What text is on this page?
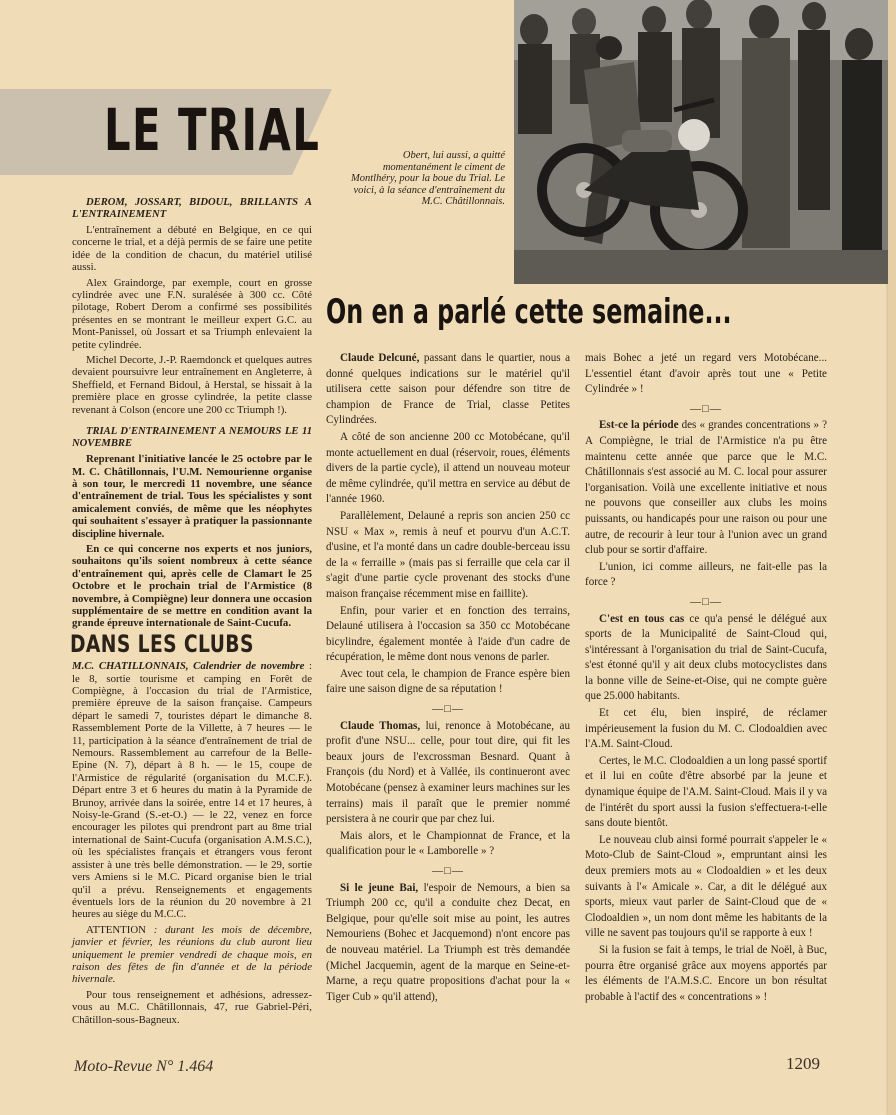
LE TRIAL	Obert, lui aussi, a quitté momentanément le ciment de Montlhéry, pour la boue du Trial. Le voici, à la séance d'entraînement du M.C. Châtillonnais.
On en a parlé cette semaine...

DEROM, JOSSART, BIDOUL, BRILLANTS A L'ENTRAINEMENT

L'entraînement a débuté en Belgique, en ce qui concerne le trial, et a déjà permis de se faire une petite idée de la condition de chacun, du matériel utilisé aussi.

Alex Graindorge, par exemple, court en grosse cylindrée avec une F.N. suralésée à 300 cc. Côté pilotage, Robert Derom a confirmé ses possibilités présentes en se montrant le meilleur expert G.C. au Mont-Panissel, où Jossart et sa Triumph enlevaient la petite cylindrée.

Michel Decorte, J.-P. Raemdonck et quelques autres devaient poursuivre leur entraînement en Angleterre, à Sheffield, et Fernand Bidoul, à Herstal, se hissait à la première place en grosse cylindrée, la petite classe revenant à Colson (encore une 200 cc Triumph !).

TRIAL D'ENTRAINEMENT A NEMOURS LE 11 NOVEMBRE

Reprenant l'initiative lancée le 25 octobre par le M. C. Châtillonnais, l'U.M. Nemourienne organise à son tour, le mercredi 11 novembre, une séance d'entraînement de trial. Tous les spécialistes y sont amicalement conviés, de même que les néophytes qui souhaitent s'essayer à pratiquer la passionnante discipline hivernale.

En ce qui concerne nos experts et nos juniors, souhaitons qu'ils soient nombreux à cette séance d'entraînement qui, après celle de Clamart le 25 Octobre et le prochain trial de l'Armistice (8 novembre, à Compiègne) leur donnera une occasion supplémentaire de se mettre en condition avant la grande épreuve internationale de Saint-Cucufa.

DANS LES CLUBS

M.C. CHATILLONNAIS, Calendrier de novembre : le 8, sortie tourisme et camping en Forêt de Compiègne, à l'occasion du trial de l'Armistice, première épreuve de la saison française. Campeurs départ le samedi 7, touristes départ le dimanche 8. Rassemblement Porte de la Villette, à 7 heures — le 11, participation à la séance d'entraînement de trial de Nemours. Rassemblement au carrefour de la Belle-Epine (N. 7), départ à 8 h. — le 15, coupe de l'Armistice de régularité (organisation du M.C.F.). Départ entre 3 et 6 heures du matin à la Pyramide de Brunoy, arrivée dans la soirée, entre 14 et 17 heures, à Noisy-le-Grand (S.-et-O.) — le 22, venez en force encourager les pilotes qui prendront part au 8me trial international de Saint-Cucufa (organisation A.M.S.C.), où les spécialistes français et étrangers vous feront assister à une très belle démonstration. — le 29, sortie vers Amiens si le M.C. Picard organise bien le trial qu'il a prévu. Renseignements et engagements éventuels lors de la réunion du 20 novembre à 21 heures au siège du M.C.C.

ATTENTION : durant les mois de décembre, janvier et février, les réunions du club auront lieu uniquement le premier vendredi de chaque mois, en raison des fêtes de fin d'année et de la période hivernale.

Pour tous renseignement et adhésions, adressez-vous au M.C. Châtillonnais, 47, rue Gabriel-Péri, Châtillon-sous-Bagneux.

Claude Delcuné, passant dans le quartier, nous a donné quelques indications sur le matériel qu'il utilisera cette saison pour défendre son titre de champion de France de Trial, classe Petites Cylindrées.

A côté de son ancienne 200 cc Motobécane, qu'il monte actuellement en dual (réservoir, roues, éléments divers de la partie cycle), il attend un nouveau moteur de même cylindrée, qu'il mettra en service au début de l'année 1960.

Parallèlement, Delauné a repris son ancien 250 cc NSU « Max », remis à neuf et pourvu d'un A.C.T. d'usine, et l'a monté dans un cadre double-berceau issu de la « ferraille » (mais pas si ferraille que cela car il s'agit d'une partie cycle provenant des stocks d'une maison française récemment mise en faillite).

Enfin, pour varier et en fonction des terrains, Delauné utilisera à l'occasion sa 350 cc Motobécane bicylindre, également montée à l'aide d'un cadre de récupération, le même dont nous venons de parler.

Avec tout cela, le champion de France espère bien faire une saison digne de sa réputation !

—□—

Claude Thomas, lui, renonce à Motobécane, au profit d'une NSU... celle, pour tout dire, qui fit les beaux jours de l'excrossman Besnard. Quant à François (du Nord) et à Vallée, ils continueront avec Motobécane (pensez à examiner leurs machines sur les terrains) mais il paraît que le premier nommé persistera à ne courir que par chez lui.

Mais alors, et le Championnat de France, et la qualification pour le « Lamborelle » ?

—□—

Si le jeune Bai, l'espoir de Nemours, a bien sa Triumph 200 cc, qu'il a conduite chez Decat, en Belgique, pour qu'elle soit mise au point, les autres Nemouriens (Bohec et Jacquemond) n'ont encore pas de nouveau matériel. La Triumph est très demandée (Michel Jacquemin, agent de la marque en Seine-et-Marne, a reçu quatre propositions d'achat pour la « Tiger Cub » qu'il attend),

mais Bohec a jeté un regard vers Motobécane... L'essentiel étant d'avoir après tout une « Petite Cylindrée » !

—□—

Est-ce la période des « grandes concentrations » ? A Compiègne, le trial de l'Armistice n'a pu être maintenu cette année que parce que le M.C. Châtillonnais s'est associé au M. C. local pour assurer l'organisation. Voilà une excellente initiative et nous ne pouvons que conseiller aux clubs les moins puissants, ou handicapés pour une raison ou pour une autre, de recourir à leur tour à l'union avec un grand club pour se sortir d'affaire.

L'union, ici comme ailleurs, ne fait-elle pas la force ?

—□—

C'est en tous cas ce qu'a pensé le délégué aux sports de la Municipalité de Saint-Cloud qui, s'intéressant à l'organisation du trial de Saint-Cucufa, s'est étonné qu'il y ait deux clubs motocyclistes dans la bonne ville de Seine-et-Oise, qui ne compte guère que 25.000 habitants.

Et cet élu, bien inspiré, de réclamer impérieusement la fusion du M. C. Clodoaldien avec l'A.M. Saint-Cloud.

Certes, le M.C. Clodoaldien a un long passé sportif et il lui en coûte d'être absorbé par la jeune et dynamique équipe de l'A.M. Saint-Cloud. Mais il y va de l'intérêt du sport aussi la fusion s'effectuera-t-elle sans doute bientôt.

Le nouveau club ainsi formé pourrait s'appeler le « Moto-Club de Saint-Cloud », empruntant ainsi les deux premiers mots au « Clodoaldien » et les deux suivants à l'« Amicale ». Car, a dit le délégué aux sports, mieux vaut parler de Saint-Cloud que de « Clodoaldien », un nom dont même les habitants de la ville ne savent pas toujours qu'il se rapporte à eux !

Si la fusion se fait à temps, le trial de Noël, à Buc, pourra être organisé grâce aux moyens apportés par les éléments de l'A.M.S.C. Encore un bon résultat probable à l'actif des « concentrations » !

Moto-Revue N° 1.464	1209
